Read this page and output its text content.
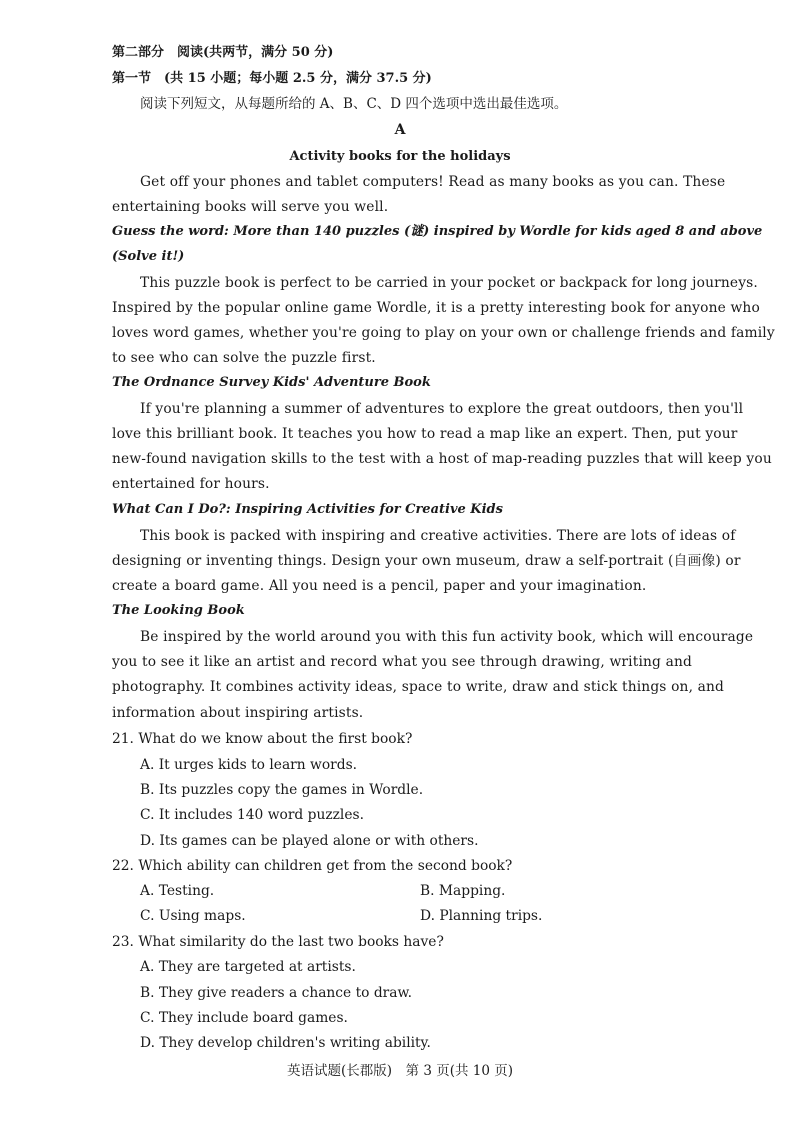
第二部分　阅读(共两节，满分 50 分)
第一节　(共 15 小题；每小题 2.5 分，满分 37.5 分)
阅读下列短文，从每题所给的 A、B、C、D 四个选项中选出最佳选项。
A
Activity books for the holidays
Get off your phones and tablet computers! Read as many books as you can. These
entertaining books will serve you well.
Guess the word: More than 140 puzzles (谜) inspired by Wordle for kids aged 8 and above
(Solve it!)
This puzzle book is perfect to be carried in your pocket or backpack for long journeys.
Inspired by the popular online game Wordle, it is a pretty interesting book for anyone who
loves word games, whether you're going to play on your own or challenge friends and family
to see who can solve the puzzle first.
The Ordnance Survey Kids' Adventure Book
If you're planning a summer of adventures to explore the great outdoors, then you'll
love this brilliant book. It teaches you how to read a map like an expert. Then, put your
new-found navigation skills to the test with a host of map-reading puzzles that will keep you
entertained for hours.
What Can I Do?: Inspiring Activities for Creative Kids
This book is packed with inspiring and creative activities. There are lots of ideas of
designing or inventing things. Design your own museum, draw a self-portrait (自画像) or
create a board game. All you need is a pencil, paper and your imagination.
The Looking Book
Be inspired by the world around you with this fun activity book, which will encourage
you to see it like an artist and record what you see through drawing, writing and
photography. It combines activity ideas, space to write, draw and stick things on, and
information about inspiring artists.
21. What do we know about the first book?
A. It urges kids to learn words.
B. Its puzzles copy the games in Wordle.
C. It includes 140 word puzzles.
D. Its games can be played alone or with others.
22. Which ability can children get from the second book?
A. Testing.	B. Mapping.
C. Using maps.	D. Planning trips.
23. What similarity do the last two books have?
A. They are targeted at artists.
B. They give readers a chance to draw.
C. They include board games.
D. They develop children's writing ability.
英语试题(长郡版)　第 3 页(共 10 页)
